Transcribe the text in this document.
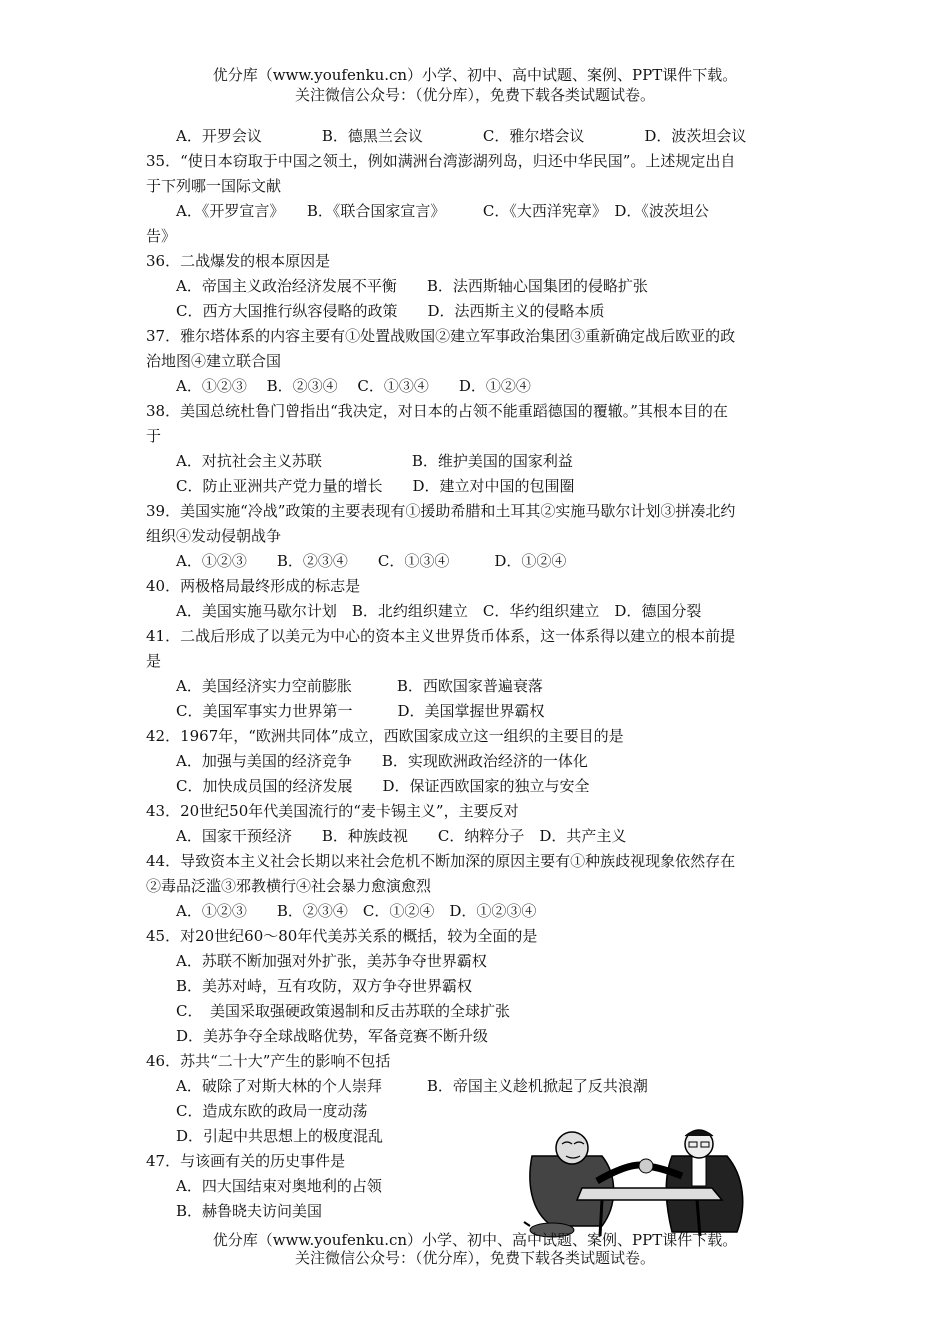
优分库（www.youfenku.cn）小学、初中、高中试题、案例、PPT课件下载。
关注微信公众号：（优分库），免费下载各类试题试卷。
A．开罗会议　　　　B．德黑兰会议　　　　C．雅尔塔会议　　　　D．波茨坦会议
35．“使日本窃取于中国之领土，例如满洲台湾澎湖列岛，归还中华民国”。上述规定出自
于下列哪一国际文献
A．《开罗宣言》　　B．《联合国家宣言》　　　C．《大西洋宪章》　D．《波茨坦公
告》
36．二战爆发的根本原因是
A．帝国主义政治经济发展不平衡　　B．法西斯轴心国集团的侵略扩张
C．西方大国推行纵容侵略的政策　　D．法西斯主义的侵略本质
37．雅尔塔体系的内容主要有①处置战败国②建立军事政治集团③重新确定战后欧亚的政
治地图④建立联合国
A．①②③　 B．②③④　 C．①③④　　D．①②④
38．美国总统杜鲁门曾指出“我决定，对日本的占领不能重蹈德国的覆辙。”其根本目的在
于
A．对抗社会主义苏联　　　　　　B．维护美国的国家利益
C．防止亚洲共产党力量的增长　　D．建立对中国的包围圈
39．美国实施“冷战”政策的主要表现有①援助希腊和土耳其②实施马歇尔计划③拼凑北约
组织④发动侵朝战争
A．①②③　　B．②③④　　C．①③④　　　D．①②④
40．两极格局最终形成的标志是
A．美国实施马歇尔计划　B．北约组织建立　C．华约组织建立　D．德国分裂
41．二战后形成了以美元为中心的资本主义世界货币体系，这一体系得以建立的根本前提
是
A．美国经济实力空前膨胀　　　B．西欧国家普遍衰落
C．美国军事实力世界第一　　　D．美国掌握世界霸权
42．1967年，“欧洲共同体”成立，西欧国家成立这一组织的主要目的是
A．加强与美国的经济竞争　　B．实现欧洲政治经济的一体化
C．加快成员国的经济发展　　D．保证西欧国家的独立与安全
43．20世纪50年代美国流行的“麦卡锡主义”，主要反对
A．国家干预经济　　B．种族歧视　　C．纳粹分子　D．共产主义
44．导致资本主义社会长期以来社会危机不断加深的原因主要有①种族歧视现象依然存在
②毒品泛滥③邪教横行④社会暴力愈演愈烈
A．①②③　　B．②③④　C．①②④　D．①②③④
45．对20世纪60～80年代美苏关系的概括，较为全面的是
A．苏联不断加强对外扩张，美苏争夺世界霸权
B．美苏对峙，互有攻防，双方争夺世界霸权
C．　美国采取强硬政策遏制和反击苏联的全球扩张
D．美苏争夺全球战略优势，军备竞赛不断升级
46．苏共“二十大”产生的影响不包括
A．破除了对斯大林的个人崇拜　　　B．帝国主义趁机掀起了反共浪潮
C．造成东欧的政局一度动荡
D．引起中共思想上的极度混乱
47．与该画有关的历史事件是
A．四大国结束对奥地利的占领
B．赫鲁晓夫访问美国
优分库（www.youfenku.cn）小学、初中、高中试题、案例、PPT课件下载。
关注微信公众号：（优分库），免费下载各类试题试卷。
